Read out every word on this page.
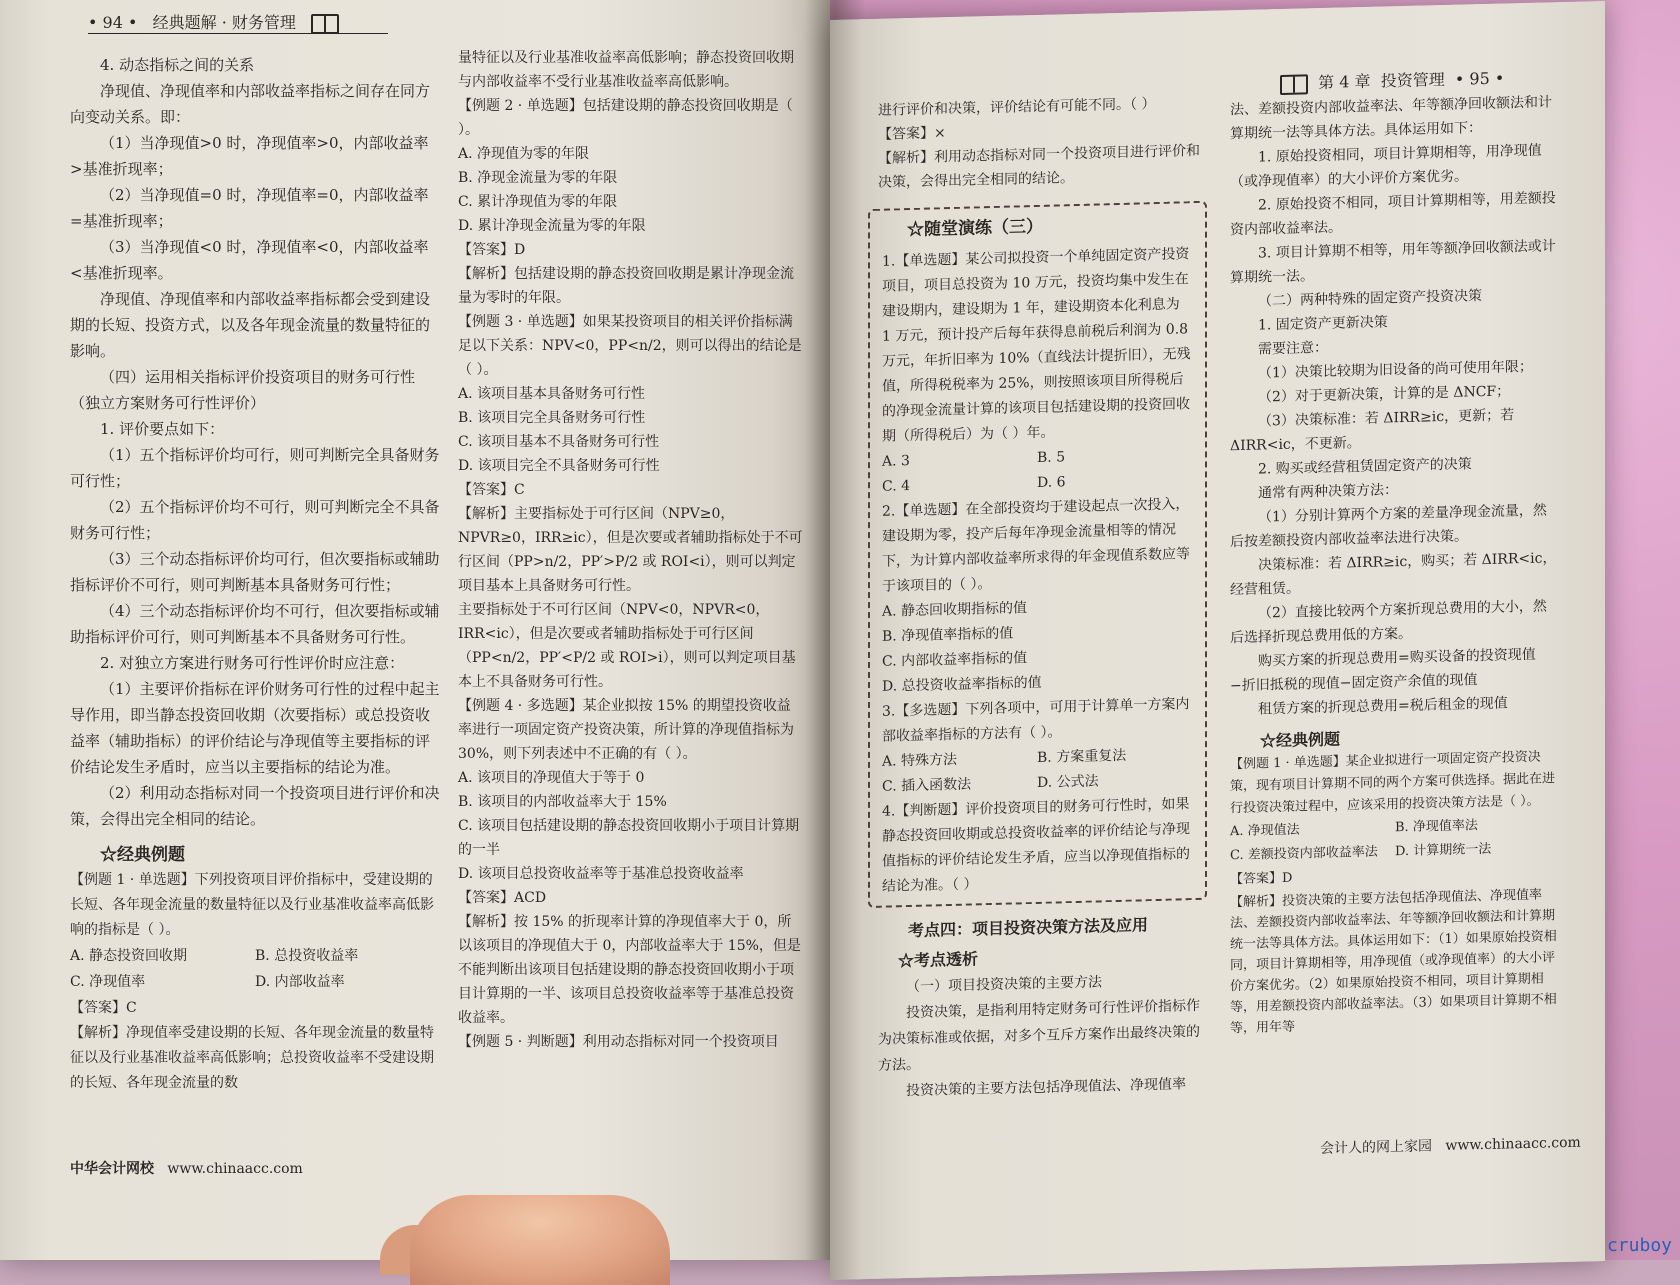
• 94 • 经典题解 · 财务管理

4. 动态指标之间的关系

净现值、净现值率和内部收益率指标之间存在同方向变动关系。即：

（1）当净现值>0 时，净现值率>0，内部收益率>基准折现率；

（2）当净现值=0 时，净现值率=0，内部收益率=基准折现率；

（3）当净现值<0 时，净现值率<0，内部收益率<基准折现率。

净现值、净现值率和内部收益率指标都会受到建设期的长短、投资方式，以及各年现金流量的数量特征的影响。

（四）运用相关指标评价投资项目的财务可行性（独立方案财务可行性评价）

1. 评价要点如下：

（1）五个指标评价均可行，则可判断完全具备财务可行性；

（2）五个指标评价均不可行，则可判断完全不具备财务可行性；

（3）三个动态指标评价均可行，但次要指标或辅助指标评价不可行，则可判断基本具备财务可行性；

（4）三个动态指标评价均不可行，但次要指标或辅助指标评价可行，则可判断基本不具备财务可行性。

2. 对独立方案进行财务可行性评价时应注意：

（1）主要评价指标在评价财务可行性的过程中起主导作用，即当静态投资回收期（次要指标）或总投资收益率（辅助指标）的评价结论与净现值等主要指标的评价结论发生矛盾时，应当以主要指标的结论为准。

（2）利用动态指标对同一个投资项目进行评价和决策，会得出完全相同的结论。

☆经典例题

【例题 1 · 单选题】下列投资项目评价指标中，受建设期的长短、各年现金流量的数量特征以及行业基准收益率高低影响的指标是（ ）。

A. 静态投资回收期	B. 总投资收益率
C. 净现值率	D. 内部收益率

【答案】C

【解析】净现值率受建设期的长短、各年现金流量的数量特征以及行业基准收益率高低影响；总投资收益率不受建设期的长短、各年现金流量的数

量特征以及行业基准收益率高低影响；静态投资回收期与内部收益率不受行业基准收益率高低影响。

【例题 2 · 单选题】包括建设期的静态投资回收期是（ ）。

A. 净现值为零的年限

B. 净现金流量为零的年限

C. 累计净现值为零的年限

D. 累计净现金流量为零的年限

【答案】D

【解析】包括建设期的静态投资回收期是累计净现金流量为零时的年限。

【例题 3 · 单选题】如果某投资项目的相关评价指标满足以下关系：NPV<0，PP<n/2，则可以得出的结论是（ ）。

A. 该项目基本具备财务可行性

B. 该项目完全具备财务可行性

C. 该项目基本不具备财务可行性

D. 该项目完全不具备财务可行性

【答案】C

【解析】主要指标处于可行区间（NPV≥0，NPVR≥0，IRR≥iс），但是次要或者辅助指标处于不可行区间（PP>n/2，PP′>P/2 或 ROI<i），则可以判定项目基本上具备财务可行性。

主要指标处于不可行区间（NPV<0，NPVR<0，IRR<iс），但是次要或者辅助指标处于可行区间（PP<n/2，PP′<P/2 或 ROI>i），则可以判定项目基本上不具备财务可行性。

【例题 4 · 多选题】某企业拟按 15% 的期望投资收益率进行一项固定资产投资决策，所计算的净现值指标为 30%，则下列表述中不正确的有（ ）。

A. 该项目的净现值大于等于 0

B. 该项目的内部收益率大于 15%

C. 该项目包括建设期的静态投资回收期小于项目计算期的一半

D. 该项目总投资收益率等于基准总投资收益率

【答案】ACD

【解析】按 15% 的折现率计算的净现值率大于 0，所以该项目的净现值大于 0，内部收益率大于 15%，但是不能判断出该项目包括建设期的静态投资回收期小于项目计算期的一半、该项目总投资收益率等于基准总投资收益率。

【例题 5 · 判断题】利用动态指标对同一个投资项目

中华会计网校 www.chinaacc.com
第 4 章 投资管理 • 95 •

进行评价和决策，评价结论有可能不同。（ ）

【答案】×

【解析】利用动态指标对同一个投资项目进行评价和决策，会得出完全相同的结论。

☆随堂演练（三）

1.【单选题】某公司拟投资一个单纯固定资产投资项目，项目总投资为 10 万元，投资均集中发生在建设期内，建设期为 1 年，建设期资本化利息为 1 万元，预计投产后每年获得息前税后利润为 0.8 万元，年折旧率为 10%（直线法计提折旧），无残值，所得税税率为 25%，则按照该项目所得税后的净现金流量计算的该项目包括建设期的投资回收期（所得税后）为（ ）年。

A. 3	B. 5
C. 4	D. 6

2.【单选题】在全部投资均于建设起点一次投入，建设期为零，投产后每年净现金流量相等的情况下，为计算内部收益率所求得的年金现值系数应等于该项目的（ ）。

A. 静态回收期指标的值

B. 净现值率指标的值

C. 内部收益率指标的值

D. 总投资收益率指标的值

3.【多选题】下列各项中，可用于计算单一方案内部收益率指标的方法有（ ）。

A. 特殊方法	B. 方案重复法
C. 插入函数法	D. 公式法

4.【判断题】评价投资项目的财务可行性时，如果静态投资回收期或总投资收益率的评价结论与净现值指标的评价结论发生矛盾，应当以净现值指标的结论为准。（ ）

考点四：项目投资决策方法及应用

☆考点透析

（一）项目投资决策的主要方法

投资决策，是指利用特定财务可行性评价指标作为决策标准或依据，对多个互斥方案作出最终决策的方法。

投资决策的主要方法包括净现值法、净现值率

法、差额投资内部收益率法、年等额净回收额法和计算期统一法等具体方法。具体运用如下：

1. 原始投资相同，项目计算期相等，用净现值（或净现值率）的大小评价方案优劣。

2. 原始投资不相同，项目计算期相等，用差额投资内部收益率法。

3. 项目计算期不相等，用年等额净回收额法或计算期统一法。

（二）两种特殊的固定资产投资决策

1. 固定资产更新决策

需要注意：

（1）决策比较期为旧设备的尚可使用年限；

（2）对于更新决策，计算的是 ΔNCF；

（3）决策标准：若 ΔIRR≥iс，更新；若 ΔIRR<iс，不更新。

2. 购买或经营租赁固定资产的决策

通常有两种决策方法：

（1）分别计算两个方案的差量净现金流量，然后按差额投资内部收益率法进行决策。

决策标准：若 ΔIRR≥iс，购买；若 ΔIRR<iс，经营租赁。

（2）直接比较两个方案折现总费用的大小，然后选择折现总费用低的方案。

购买方案的折现总费用=购买设备的投资现值−折旧抵税的现值−固定资产余值的现值

租赁方案的折现总费用=税后租金的现值

☆经典例题

【例题 1 · 单选题】某企业拟进行一项固定资产投资决策，现有项目计算期不同的两个方案可供选择。据此在进行投资决策过程中，应该采用的投资决策方法是（ ）。

A. 净现值法	B. 净现值率法
C. 差额投资内部收益率法	D. 计算期统一法

【答案】D

【解析】投资决策的主要方法包括净现值法、净现值率法、差额投资内部收益率法、年等额净回收额法和计算期统一法等具体方法。具体运用如下：（1）如果原始投资相同，项目计算期相等，用净现值（或净现值率）的大小评价方案优劣。（2）如果原始投资不相同，项目计算期相等，用差额投资内部收益率法。（3）如果项目计算期不相等，用年等

会计人的网上家园 www.chinaacc.com
cruboy
